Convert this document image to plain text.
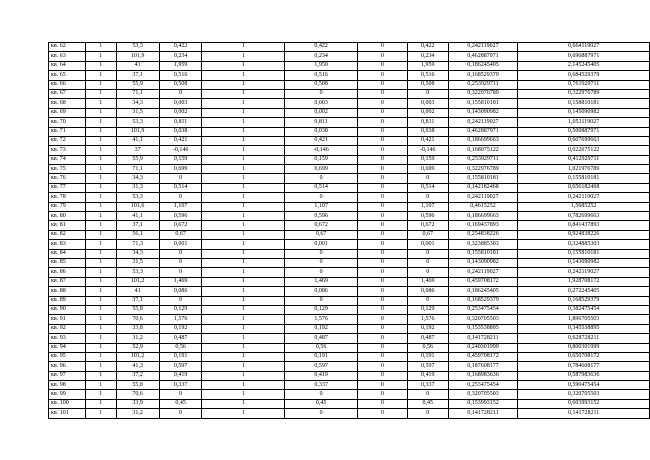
кв. 62	1	53,3	0,422	1	0,422	0	0,422	0,242119027	0,664119027
кв. 63	1	101,9	0,234	1	0,234	0	0,234	0,462887971	0,696887971
кв. 64	1	41	1,959	1	1,959	0	1,959	0,186245405	2,145245405
кв. 65	1	37,1	0,516	1	0,516	0	0,516	0,168529379	0,684529379
кв. 66	1	55,9	0,508	1	0,508	0	0,508	0,253929711	0,761929711
кв. 67	1	71,1	0	1	0	0	0	0,322976789	0,322976789
кв. 68	1	34,3	0,003	1	0,003	0	0,003	0,155810181	0,158810181
кв. 69	1	31,5	0,002	1	0,002	0	0,002	0,143090982	0,145090982
кв. 70	1	53,3	0,811	1	0,811	0	0,811	0,242119027	1,053119027
кв. 71	1	101,9	0,038	1	0,038	0	0,038	0,462887971	0,500887971
кв. 72	1	41,1	0,421	1	0,421	0	0,421	0,186699663	0,607699663
кв. 73	1	37	-0,146	1	-0,146	0	-0,146	0,168075122	0,022075122
кв. 74	1	55,9	0,159	1	0,159	0	0,159	0,253929711	0,412929711
кв. 75	1	71,1	0,699	1	0,699	0	0,699	0,322976789	1,021976789
кв. 76	1	34,3	0	1	0	0	0	0,155810181	0,155810181
кв. 77	1	31,3	0,514	1	0,514	0	0,514	0,142182468	0,656182468
кв. 78	1	53,3	0	1	0	0	0	0,242119027	0,242119027
кв. 79	1	101,6	1,107	1	1,107	0	1,107	0,4615252	1,5685252
кв. 80	1	41,1	0,596	1	0,596	0	0,596	0,186699663	0,782699663
кв. 81	1	37,1	0,672	1	0,672	0	0,672	0,169437893	0,841437893
кв. 82	1	56,1	0,67	1	0,67	0	0,67	0,254838226	0,924838226
кв. 83	1	71,3	0,001	1	0,001	0	0,001	0,323885303	0,324885303
кв. 84	1	34,3	0	1	0	0	0	0,155810181	0,155810181
кв. 85	1	31,5	0	1	0	0	0	0,143090982	0,143090982
кв. 86	1	53,3	0	1	0	0	0	0,242119027	0,242119027
кв. 87	1	101,2	1,469	1	1,469	0	1,469	0,459708172	1,928708172
кв. 88	1	41	0,086	1	0,086	0	0,086	0,186245405	0,272245405
кв. 89	1	37,1	0	1	0	0	0	0,168529379	0,168529379
кв. 90	1	55,8	0,129	1	0,129	0	0,129	0,253475454	0,382475454
кв. 91	1	70,6	1,576	1	1,576	0	1,576	0,320705503	1,896705503
кв. 92	1	33,8	0,192	1	0,192	0	0,192	0,153538895	0,345538895
кв. 93	1	31,2	0,487	1	0,487	0	0,487	0,141728211	0,628728211
кв. 94	1	52,9	0,56	1	0,56	0	0,56	0,240301999	0,800301999
кв. 95	1	101,2	0,191	1	0,191	0	0,191	0,459708172	0,650708172
кв. 96	1	41,3	0,597	1	0,597	0	0,597	0,187608177	0,784608177
кв. 97	1	37,2	0,419	1	0,419	0	0,419	0,168983636	0,587983636
кв. 98	1	55,8	0,337	1	0,337	0	0,337	0,253475454	0,590475454
кв. 99	1	70,6	0	1	0	0	0	0,320705503	0,320705503
кв. 100	1	33,9	0,45	1	0,45	0	0,45	0,153993152	0,603993152
кв. 101	1	31,2	0	1	0	0	0	0,141728211	0,141728211
